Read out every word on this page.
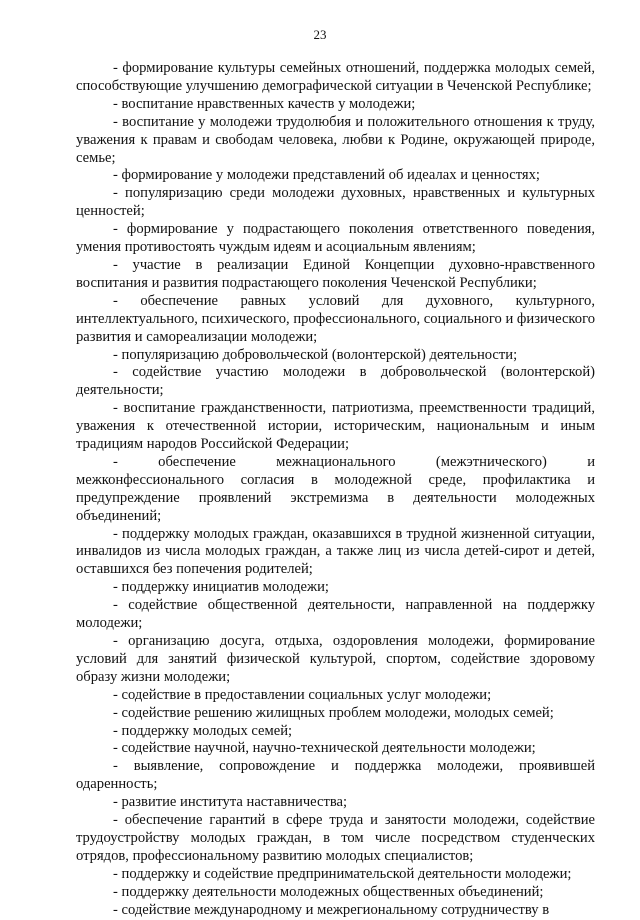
23

- формирование культуры семейных отношений, поддержка молодых семей, способствующие улучшению демографической ситуации в Чеченской Республике;

- воспитание нравственных качеств у молодежи;

- воспитание у молодежи трудолюбия и положительного отношения к труду, уважения к правам и свободам человека, любви к Родине, окружающей природе, семье;

- формирование у молодежи представлений об идеалах и ценностях;

- популяризацию среди молодежи духовных, нравственных и культурных ценностей;

- формирование у подрастающего поколения ответственного поведения, умения противостоять чуждым идеям и асоциальным явлениям;

- участие в реализации Единой Концепции духовно-нравственного воспитания и развития подрастающего поколения Чеченской Республики;

- обеспечение равных условий для духовного, культурного, интеллектуального, психического, профессионального, социального и физического развития и самореализации молодежи;

- популяризацию добровольческой (волонтерской) деятельности;

- содействие участию молодежи в добровольческой (волонтерской) деятельности;

- воспитание гражданственности, патриотизма, преемственности традиций, уважения к отечественной истории, историческим, национальным и иным традициям народов Российской Федерации;

- обеспечение межнационального (межэтнического) и межконфессионального согласия в молодежной среде, профилактика и предупреждение проявлений экстремизма в деятельности молодежных объединений;

- поддержку молодых граждан, оказавшихся в трудной жизненной ситуации, инвалидов из числа молодых граждан, а также лиц из числа детей-сирот и детей, оставшихся без попечения родителей;

- поддержку инициатив молодежи;

- содействие общественной деятельности, направленной на поддержку молодежи;

- организацию досуга, отдыха, оздоровления молодежи, формирование условий для занятий физической культурой, спортом, содействие здоровому образу жизни молодежи;

- содействие в предоставлении социальных услуг молодежи;

- содействие решению жилищных проблем молодежи, молодых семей;

- поддержку молодых семей;

- содействие научной, научно-технической деятельности молодежи;

- выявление, сопровождение и поддержка молодежи, проявившей одаренность;

- развитие института наставничества;

- обеспечение гарантий в сфере труда и занятости молодежи, содействие трудоустройству молодых граждан, в том числе посредством студенческих отрядов, профессиональному развитию молодых специалистов;

- поддержку и содействие предпринимательской деятельности молодежи;

- поддержку деятельности молодежных общественных объединений;

- содействие международному и межрегиональному сотрудничеству в
